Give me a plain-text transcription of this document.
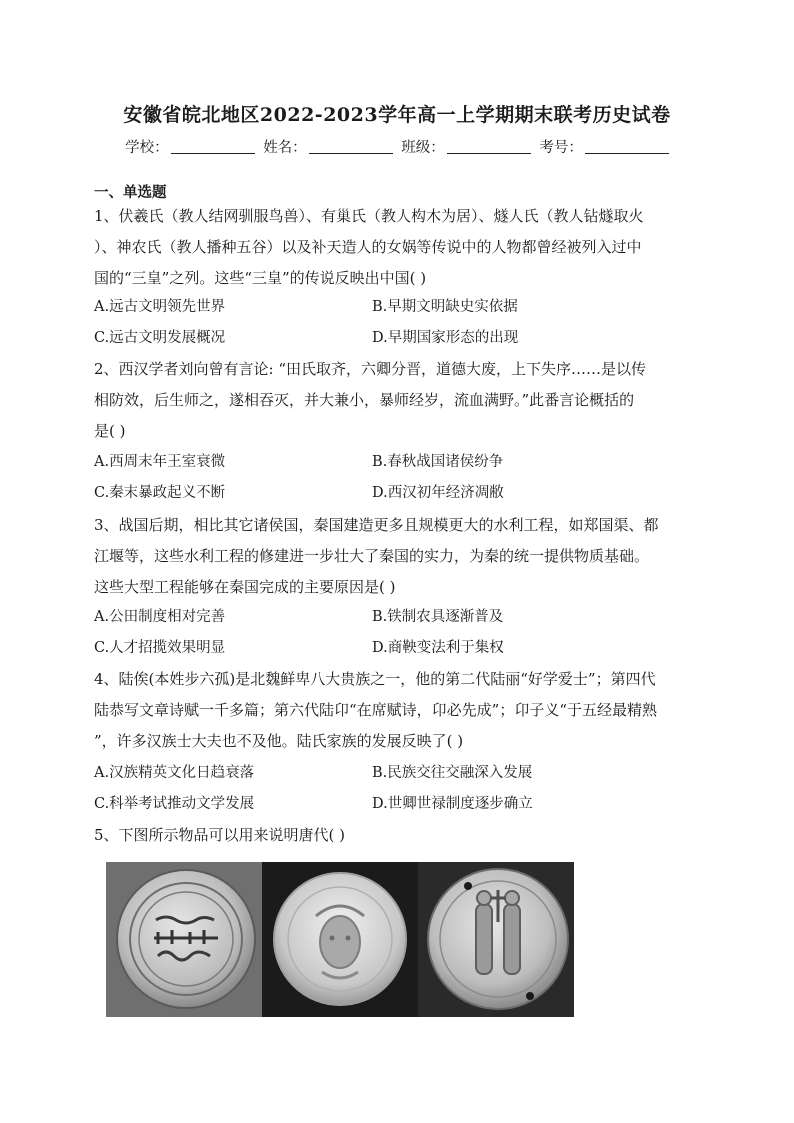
安徽省皖北地区2022-2023学年高一上学期期末联考历史试卷
学校：	姓名：	班级：	考号：
一、单选题
1、伏羲氏（教人结网驯服鸟兽）、有巢氏（教人构木为居）、燧人氏（教人钻燧取火
）、神农氏（教人播种五谷）以及补天造人的女娲等传说中的人物都曾经被列入过中
国的“三皇”之列。这些“三皇”的传说反映出中国( )
A.远古文明领先世界	B.早期文明缺史实依据
C.远古文明发展概况	D.早期国家形态的出现
2、西汉学者刘向曾有言论: “田氏取齐，六卿分晋，道德大废，上下失序……是以传
相防效，后生师之，遂相吞灭，并大兼小，暴师经岁，流血满野。”此番言论概括的
是( )
A.西周末年王室衰微	B.春秋战国诸侯纷争
C.秦末暴政起义不断	D.西汉初年经济凋敝
3、战国后期，相比其它诸侯国，秦国建造更多且规模更大的水利工程，如郑国渠、都
江堰等，这些水利工程的修建进一步壮大了秦国的实力，为秦的统一提供物质基础。
这些大型工程能够在秦国完成的主要原因是( )
A.公田制度相对完善	B.铁制农具逐渐普及
C.人才招揽效果明显	D.商鞅变法利于集权
4、陆俟(本姓步六孤)是北魏鲜卑八大贵族之一，他的第二代陆丽“好学爱士”；第四代
陆恭写文章诗赋一千多篇；第六代陆卬“在席赋诗，卬必先成”；卬子义“于五经最精熟
”，许多汉族士大夫也不及他。陆氏家族的发展反映了( )
A.汉族精英文化日趋衰落	B.民族交往交融深入发展
C.科举考试推动文学发展	D.世卿世禄制度逐步确立
5、下图所示物品可以用来说明唐代( )
